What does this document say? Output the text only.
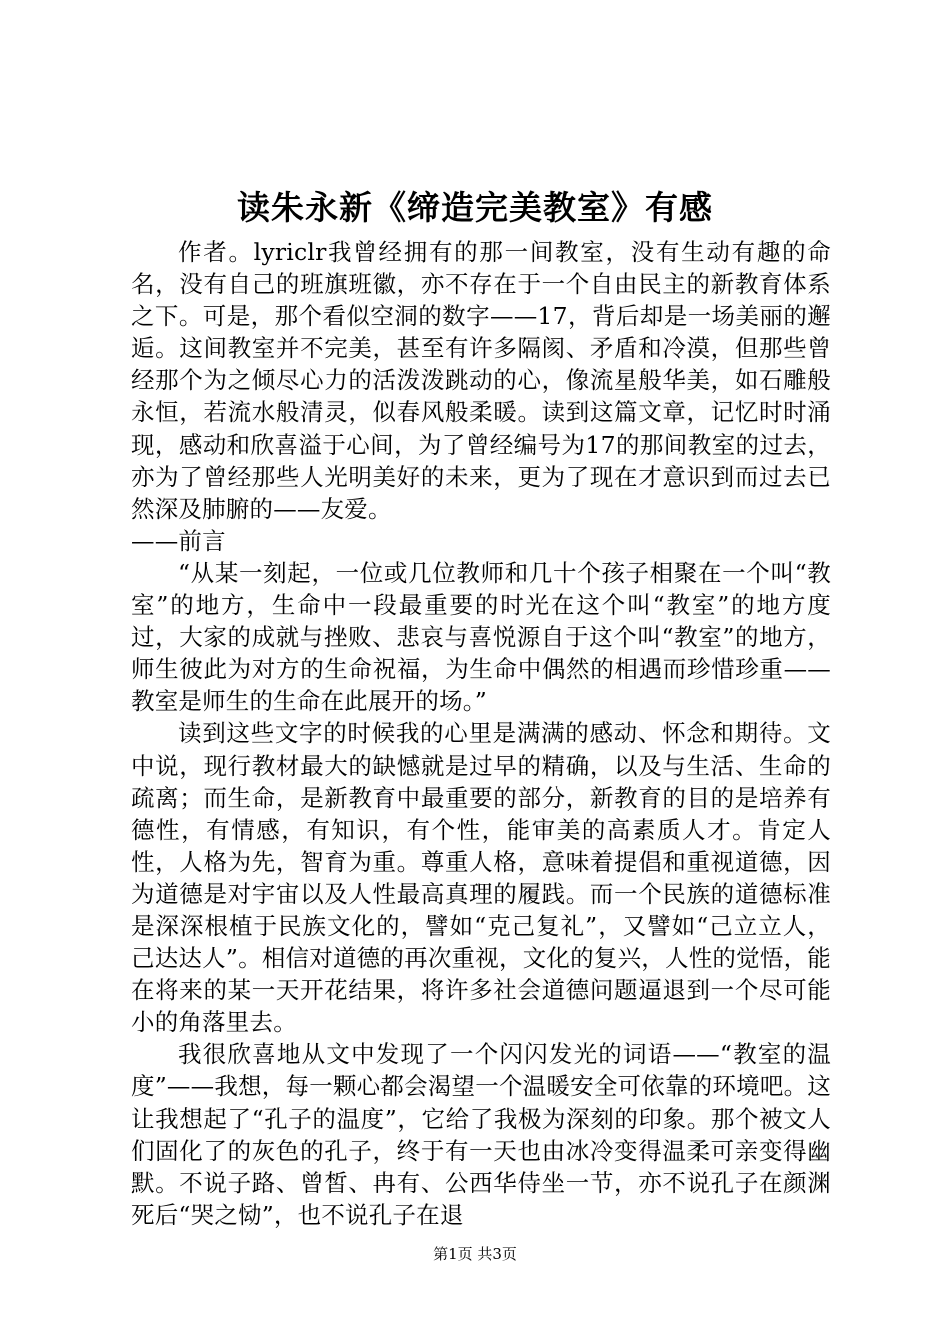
读朱永新《缔造完美教室》有感

作者。lyriclr我曾经拥有的那一间教室，没有生动有趣的命名，没有自己的班旗班徽，亦不存在于一个自由民主的新教育体系之下。可是，那个看似空洞的数字——17，背后却是一场美丽的邂逅。这间教室并不完美，甚至有许多隔阂、矛盾和冷漠，但那些曾经那个为之倾尽心力的活泼泼跳动的心，像流星般华美，如石雕般永恒，若流水般清灵，似春风般柔暖。读到这篇文章，记忆时时涌现，感动和欣喜溢于心间，为了曾经编号为17的那间教室的过去，亦为了曾经那些人光明美好的未来，更为了现在才意识到而过去已然深及肺腑的——友爱。

——前言

“从某一刻起，一位或几位教师和几十个孩子相聚在一个叫“教室”的地方，生命中一段最重要的时光在这个叫“教室”的地方度过，大家的成就与挫败、悲哀与喜悦源自于这个叫“教室”的地方，师生彼此为对方的生命祝福，为生命中偶然的相遇而珍惜珍重——教室是师生的生命在此展开的场。”

读到这些文字的时候我的心里是满满的感动、怀念和期待。文中说，现行教材最大的缺憾就是过早的精确，以及与生活、生命的疏离；而生命，是新教育中最重要的部分，新教育的目的是培养有德性，有情感，有知识，有个性，能审美的高素质人才。肯定人性，人格为先，智育为重。尊重人格，意味着提倡和重视道德，因为道德是对宇宙以及人性最高真理的履践。而一个民族的道德标准是深深根植于民族文化的，譬如“克己复礼”，又譬如“己立立人，己达达人”。相信对道德的再次重视，文化的复兴，人性的觉悟，能在将来的某一天开花结果，将许多社会道德问题逼退到一个尽可能小的角落里去。

我很欣喜地从文中发现了一个闪闪发光的词语——“教室的温度”——我想，每一颗心都会渴望一个温暖安全可依靠的环境吧。这让我想起了“孔子的温度”，它给了我极为深刻的印象。那个被文人们固化了的灰色的孔子，终于有一天也由冰冷变得温柔可亲变得幽默。不说子路、曾皙、冉有、公西华侍坐一节，亦不说孔子在颜渊死后“哭之恸”，也不说孔子在退

第1页 共3页
